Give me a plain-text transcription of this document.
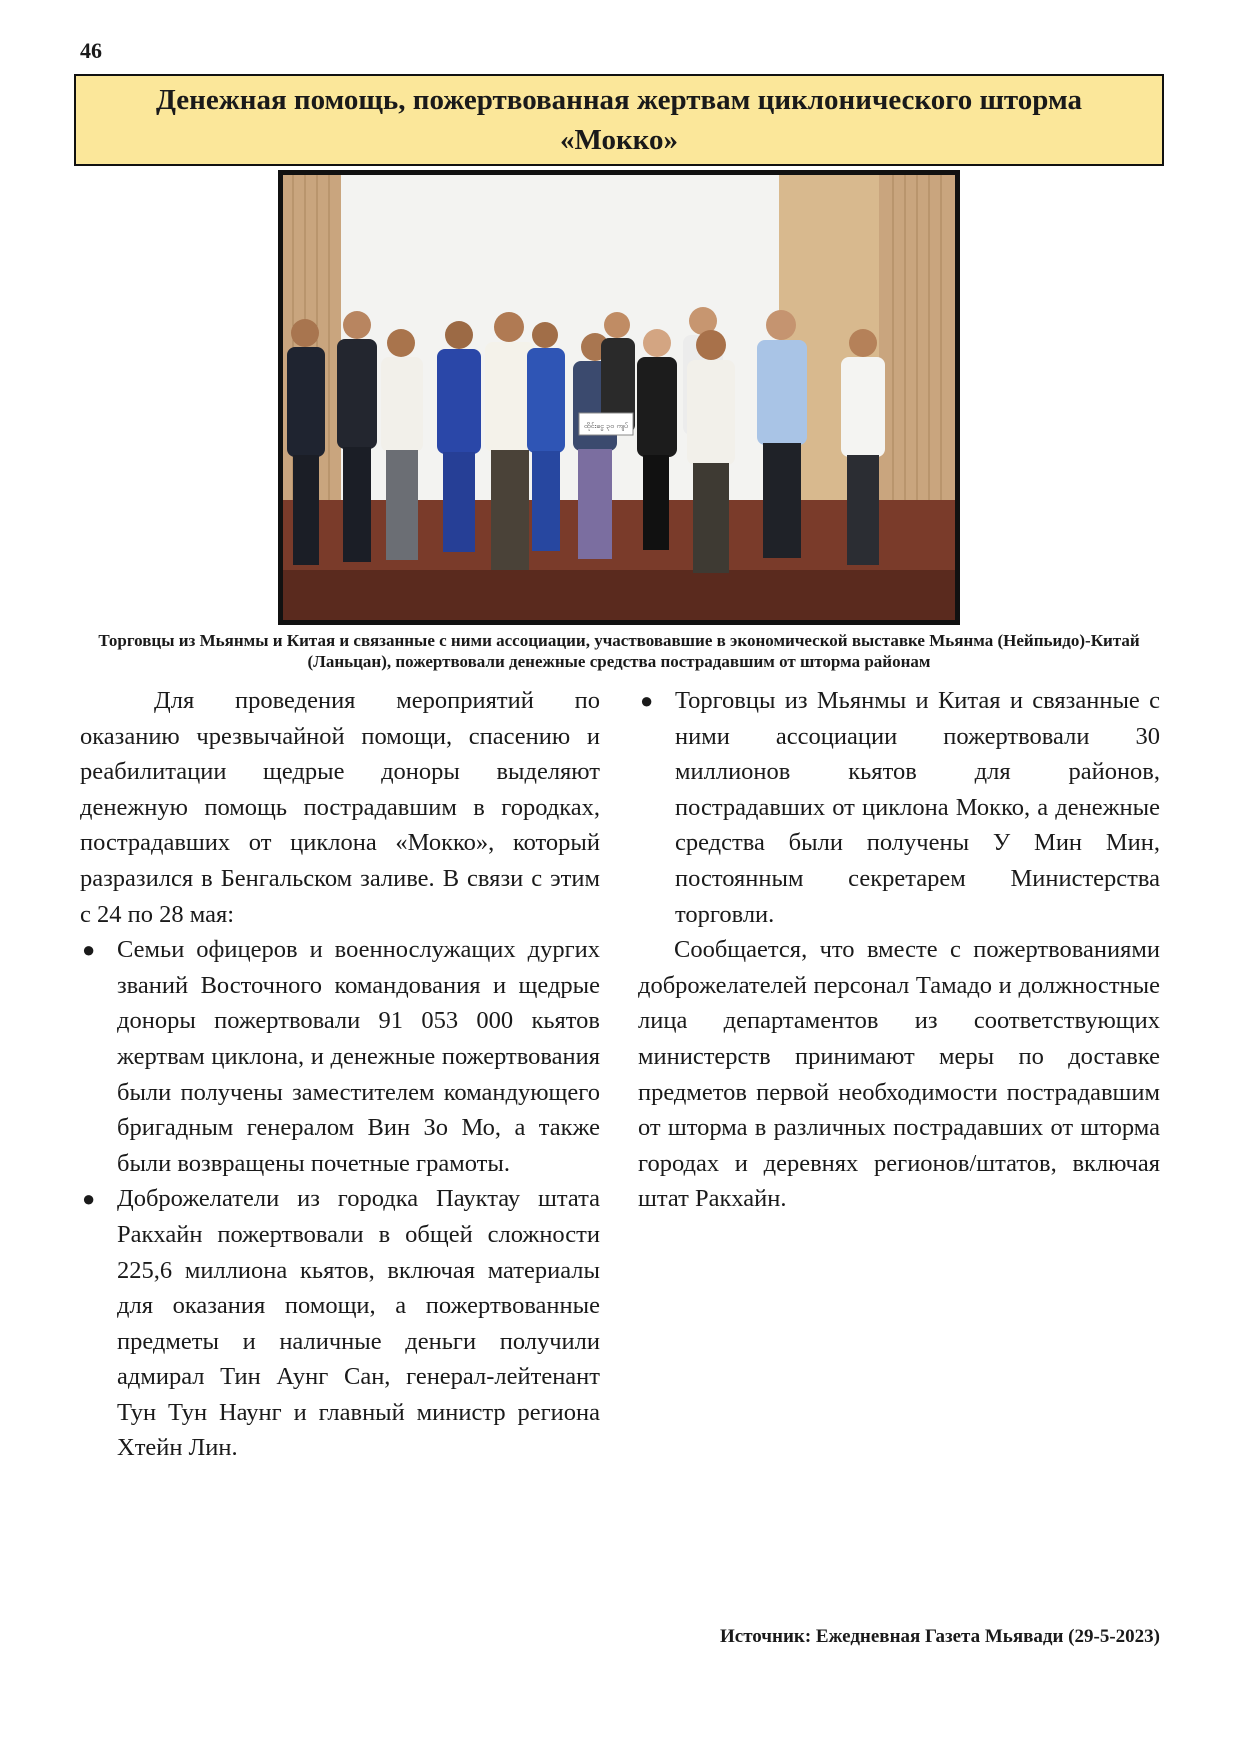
46
Денежная помощь, пожертвованная жертвам циклонического шторма «Мокко»
ထိုင်းငွေ ၃၀ ကျပ်
Торговцы из Мьянмы и Китая и связанные с ними ассоциации, участвовавшие в экономической выставке Мьянма (Нейпьидо)-Китай (Ланьцан), пожертвовали денежные средства пострадавшим от шторма районам

Для проведения мероприятий по оказанию чрезвычайной помощи, спасению и реабилитации щедрые доноры выделяют денежную помощь пострадавшим в городках, пострадавших от циклона «Мокко», который разразился в Бенгальском заливе. В связи с этим с 24 по 28 мая:

● Семьи офицеров и военнослужащих дургих званий Восточного командования и щедрые доноры пожертвовали 91 053 000 кьятов жертвам циклона, и денежные пожертвования были получены заместителем командующего бригадным генералом Вин Зо Мо, а также были возвращены почетные грамоты.

● Доброжелатели из городка Пауктау штата Ракхайн пожертвовали в общей сложности 225,6 миллиона кьятов, включая материалы для оказания помощи, а пожертвованные предметы и наличные деньги получили адмирал Тин Аунг Сан, генерал-лейтенант Тун Тун Наунг и главный министр региона Хтейн Лин.

● Торговцы из Мьянмы и Китая и связанные с ними ассоциации пожертвовали 30 миллионов кьятов для районов, пострадавших от циклона Мокко, а денежные средства были получены У Мин Мин, постоянным секретарем Министерства торговли.

Сообщается, что вместе с пожертвованиями доброжелателей персонал Тамадо и должностные лица департаментов из соответствующих министерств принимают меры по доставке предметов первой необходимости пострадавшим от шторма в различных пострадавших от шторма городах и деревнях регионов/штатов, включая штат Ракхайн.

Источник: Ежедневная Газета Мьявади (29-5-2023)
